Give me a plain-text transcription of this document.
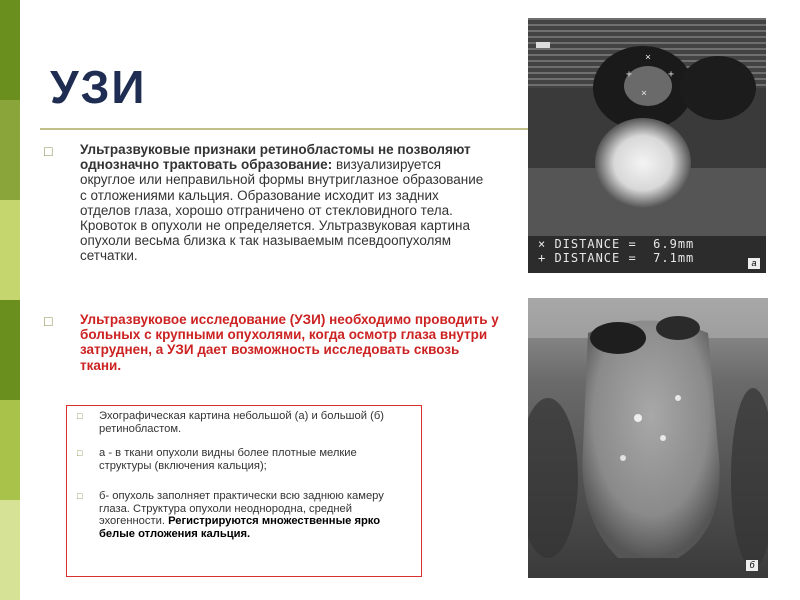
УЗИ
□ Ультразвуковые признаки ретинобластомы не позволяют однозначно трактовать образование: визуализируется округлое или неправильной формы внутриглазное образование с отложениями кальция. Образование исходит из задних отделов глаза, хорошо отграничено от стекловидного тела. Кровоток в опухоли не определяется. Ультразвуковая картина опухоли весьма близка к так называемым псевдоопухолям сетчатки.
□ Ультразвуковое исследование (УЗИ) необходимо проводить у больных с крупными опухолями, когда осмотр глаза внутри затруднен, а УЗИ дает возможность исследовать сквозь ткани.
□ Эхографическая картина небольшой (а) и большой (б) ретинобластом.
□ а - в ткани опухоли видны более плотные мелкие структуры (включения кальция);
□ б- опухоль заполняет практически всю заднюю камеру глаза. Структура опухоли неоднородна, средней эхогенности. Регистрируются множественные ярко белые отложения кальция.
×
×
+	+
× DISTANCE =  6.9mm
+ DISTANCE =  7.1mm	a
б
